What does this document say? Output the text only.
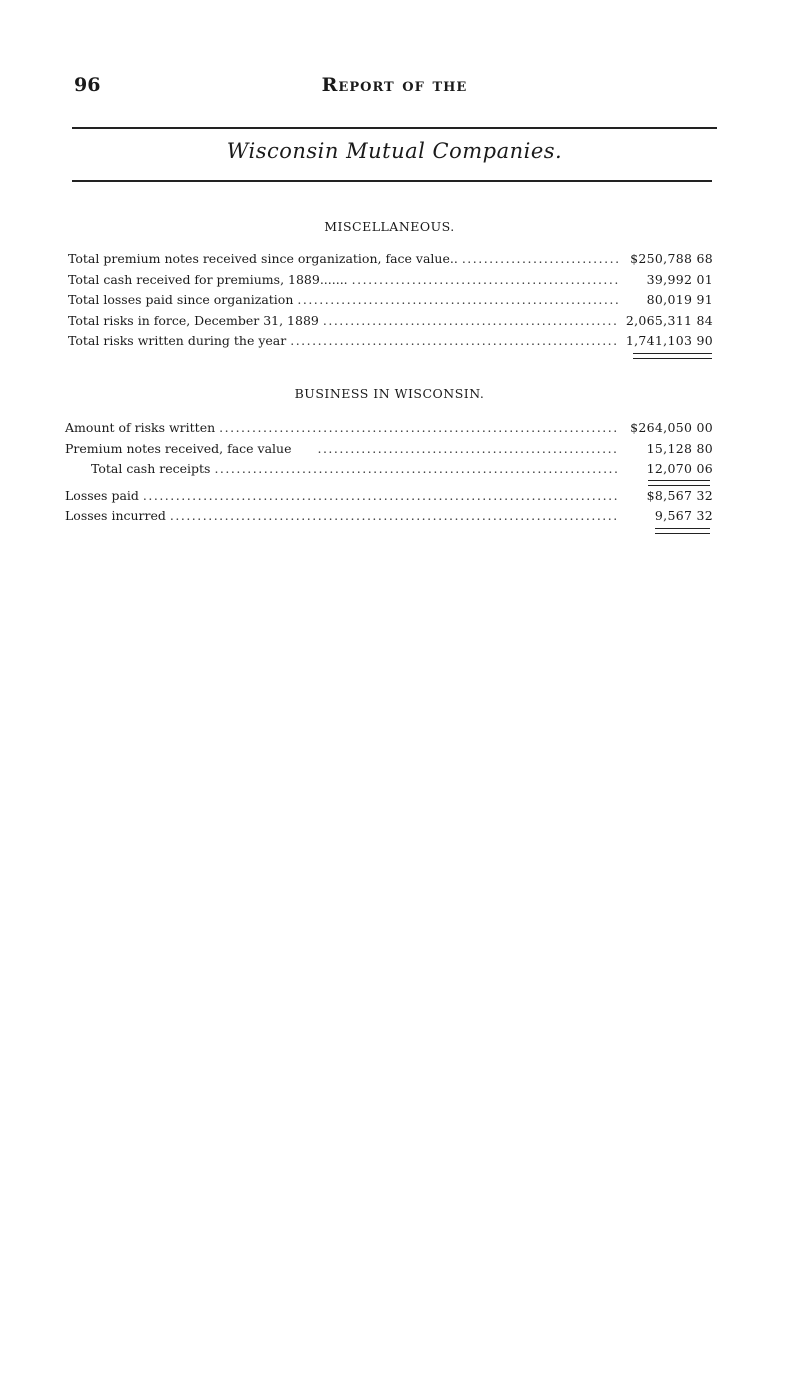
96	Report of the
Wisconsin Mutual Companies.
MISCELLANEOUS.
Total premium notes received since organization, face value.. .....	$250,788 68
Total cash received for premiums, 1889....... .....	39,992 01
Total losses paid since organization .....	80,019 91
Total risks in force, December 31, 1889 .....	2,065,311 84
Total risks written during the year .....	1,741,103 90
BUSINESS IN WISCONSIN.
Amount of risks written .....	$264,050 00
Premium notes received, face value .....	15,128 80
Total cash receipts .....	12,070 06
Losses paid .....	$8,567 32
Losses incurred .....	9,567 32
